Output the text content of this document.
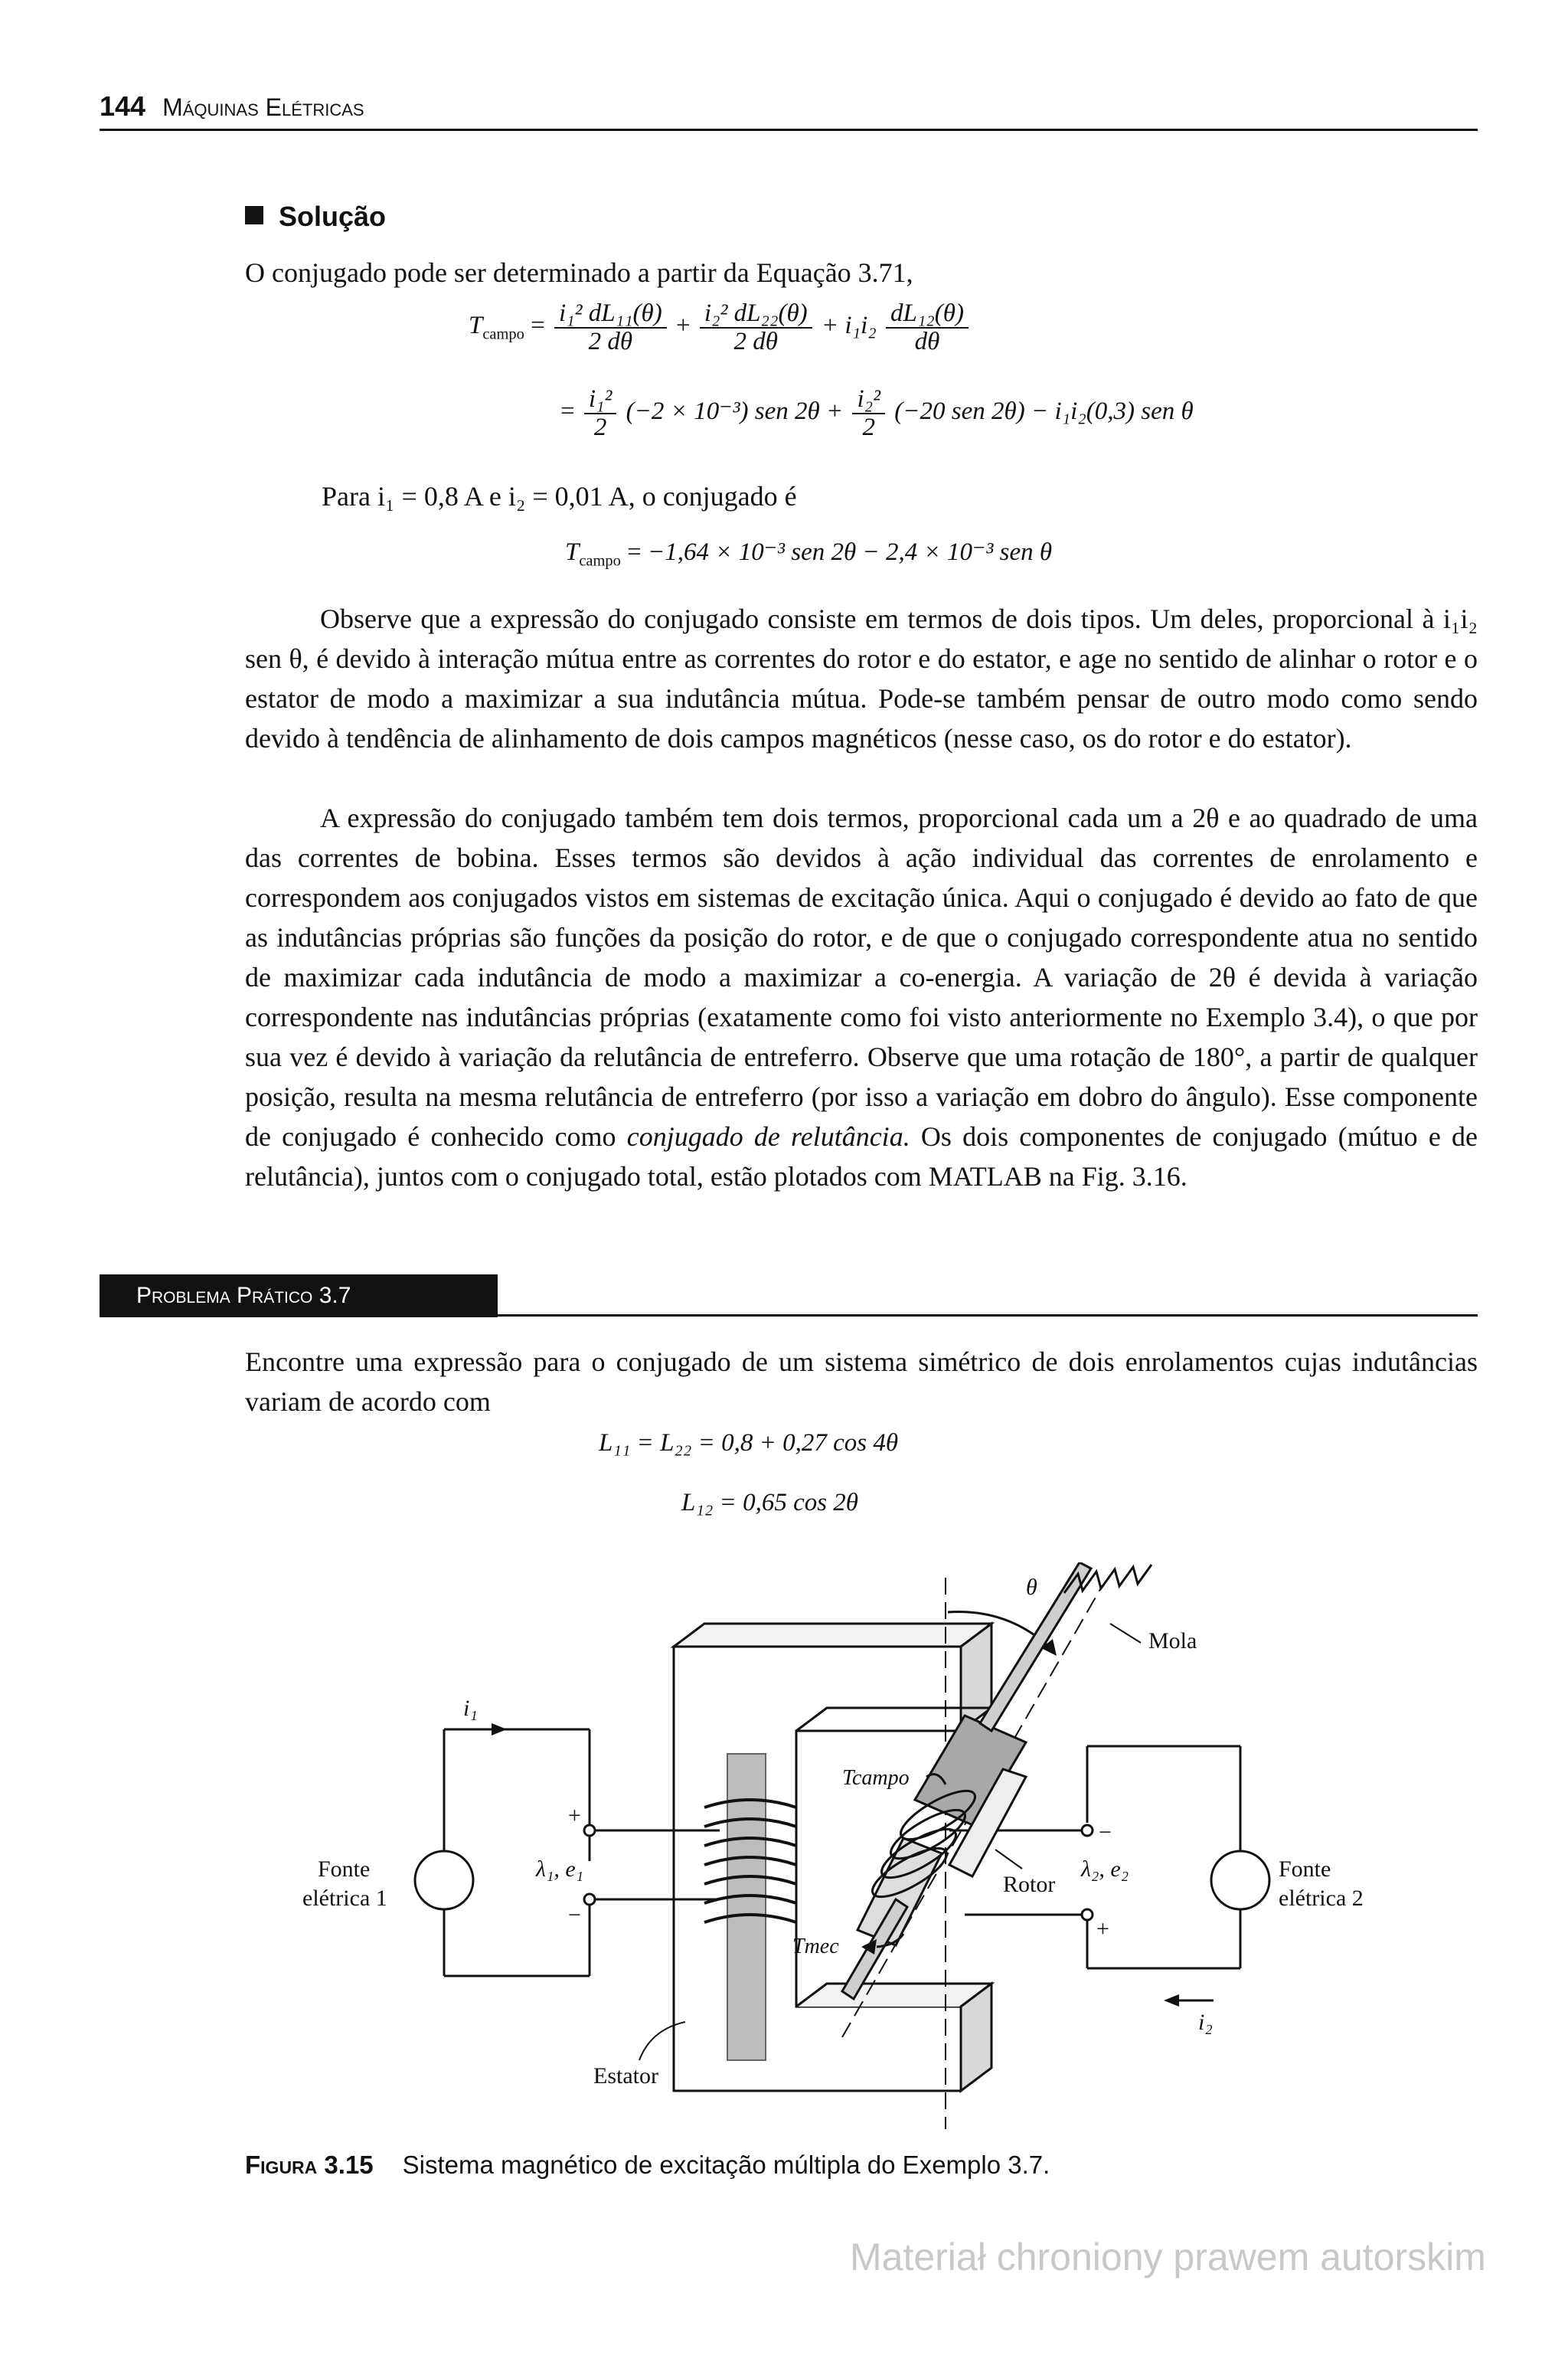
144 Máquinas Elétricas
Solução
O conjugado pode ser determinado a partir da Equação 3.71,
$T_{campo} = \frac{\text{i₁² dL₁₁(θ)}}{2 d\theta} + \frac{\text{i₂² dL₂₂(θ)}}{2 d\theta} + i_1i_2 \frac{\text{dL₁₂(θ)}}{d\theta}$
= $\frac{\text{i₁²}}{2} (-2 \times 10^{-3})$ sen $2\theta + \frac{\text{i₂²}}{2} (-20$ sen 2θ) − i₁i₂(0,3) sen θ
Para i₁ = 0,8 A e i₂ = 0,01 A, o conjugado é
$T_{campo} = -1,64 \times 10^{-3}$ sen 2θ − 2,4 × 10⁻³ sen θ
Observe que a expressão do conjugado consiste em termos de dois tipos. Um deles, proporcional à i₁i₂ sen θ, é devido à interação mútua entre as correntes do rotor e do estator, e age no sentido de alinhar o rotor e o estator de modo a maximizar a sua indutância mútua. Pode-se também pensar de outro modo como sendo devido à tendência de alinhamento de dois campos magnéticos (nesse caso, os do rotor e do estator).
A expressão do conjugado também tem dois termos, proporcional cada um a 2θ e ao quadrado de uma das correntes de bobina. Esses termos são devidos à ação individual das correntes de enrolamento e correspondem aos conjugados vistos em sistemas de excitação única. Aqui o conjugado é devido ao fato de que as indutâncias próprias são funções da posição do rotor, e de que o conjugado correspondente atua no sentido de maximizar cada indutância de modo a maximizar a co-energia. A variação de 2θ é devida à variação correspondente nas indutâncias próprias (exatamente como foi visto anteriormente no Exemplo 3.4), o que por sua vez é devido à variação da relutância de entreferro. Observe que uma rotação de 180°, a partir de qualquer posição, resulta na mesma relutância de entreferro (por isso a variação em dobro do ângulo). Esse componente de conjugado é conhecido como conjugado de relutância. Os dois componentes de conjugado (mútuo e de relutância), juntos com o conjugado total, estão plotados com MATLAB na Fig. 3.16.
Problema Prático 3.7
Encontre uma expressão para o conjugado de um sistema simétrico de dois enrolamentos cujas indutâncias variam de acordo com
L₁₁ = L₂₂ = 0,8 + 0,27 cos 4θ
L₁₂ = 0,65 cos 2θ
θ
Mola
i₁
i₂
Tcampo
Tmec
Fonte
elétrica 1
Fonte
elétrica 2
+
−
−
+
λ₁, e₁	λ₂, e₂
Rotor
Estator
Figura 3.15 Sistema magnético de excitação múltipla do Exemplo 3.7.
Materiał chroniony prawem autorskim
